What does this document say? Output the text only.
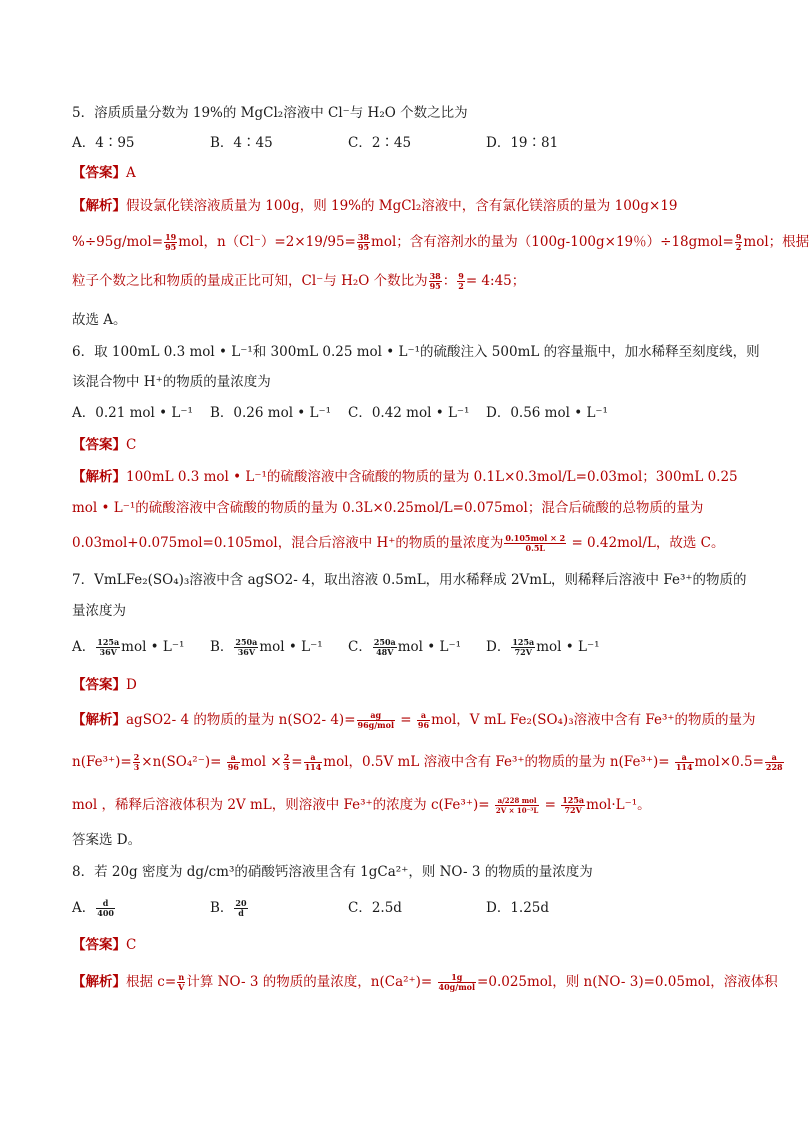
5．溶质质量分数为 19%的 MgCl₂溶液中 Cl⁻与 H₂O 个数之比为
A．4∶95	B．4∶45	C．2∶45	D．19∶81
【答案】A
【解析】假设氯化镁溶液质量为 100g，则 19%的 MgCl₂溶液中，含有氯化镁溶质的量为 100g×19
$\%\div 95g/mol= \frac{19}{95}$ mol，$n(Cl^-)=2\times 19/95= \frac{38}{95}$ mol；含有溶剂水的量为（100g-100g×19％）÷18gmol= $\frac{9}{2}$ mol；根据
粒子个数之比和物质的量成正比可知，Cl⁻与 H₂O 个数比为 $\frac{38}{95}$ ： $\frac{9}{2}$ = 4:45；
故选 A。
6．取 100mL 0.3 mol • L⁻¹和 300mL 0.25 mol • L⁻¹的硫酸注入 500mL 的容量瓶中，加水稀释至刻度线，则
该混合物中 H⁺的物质的量浓度为
A．0.21 mol • L⁻¹ B．0.26 mol • L⁻¹ C．0.42 mol • L⁻¹ D．0.56 mol • L⁻¹
【答案】C
【解析】100mL 0.3 mol • L⁻¹的硫酸溶液中含硫酸的物质的量为 0.1L×0.3mol/L=0.03mol；300mL 0.25
mol • L⁻¹的硫酸溶液中含硫酸的物质的量为 0.3L×0.25mol/L=0.075mol；混合后硫酸的总物质的量为
0.03mol+0.075mol=0.105mol，混合后溶液中 H⁺的物质的量浓度为 $\frac{\text{0.105mol × 2}}{0.5L} = 0.42mol/L$，故选 C。
7．VmLFe₂(SO₄)₃溶液中含 agSO2- 4，取出溶液 0.5mL，用水稀释成 2VmL，则稀释后溶液中 Fe³⁺的物质的
量浓度为
A． $\frac{125a}{36V}$ mol • L⁻¹ B． $\frac{250a}{36V}$ mol • L⁻¹ C． $\frac{250a}{48V}$ mol • L⁻¹ D． $\frac{125a}{72V}$ mol • L⁻¹
【答案】D
【解析】agSO2- 4 的物质的量为 n(SO2- $4)= \frac{ag}{\text{96g/mol}} = \frac{a}{96}$ mol，V mL Fe₂(SO₄)₃溶液中含有 Fe³⁺的物质的量为
$n(Fe^{3+})= \frac{2}{3} \times n(SO_4^{2-})= \frac{a}{96}$ mol × $\frac{2}{3} = \frac{a}{114}$ mol，0.5V mL 溶液中含有 Fe³⁺的物质的量为 $n(Fe^{3+})= \frac{a}{114} mol\times 0.5= \frac{a}{228}$
mol ，稀释后溶液体积为 2V mL，则溶液中 Fe³⁺的浓度为 $c(Fe^{3+})= \frac{\text{a/228 mol}}{\text{2V × 10⁻³L}} = \frac{125a}{72V} mol\cdot L^{-1}$。
答案选 D。
8．若 20g 密度为 dg/cm³的硝酸钙溶液里含有 1gCa²⁺，则 NO- 3 的物质的量浓度为
A． $\frac{d}{400}$	B． $\frac{20}{d}$	C．2.5d	D．1.25d
【答案】C
【解析】根据 $c= \frac{n}{V}$ 计算 NO- 3 的物质的量浓度，$n(Ca^{2+})= \frac{1g}{\text{40g/mol}} =0.025mol$，则 n(NO- 3)=0.05mol，溶液体积
